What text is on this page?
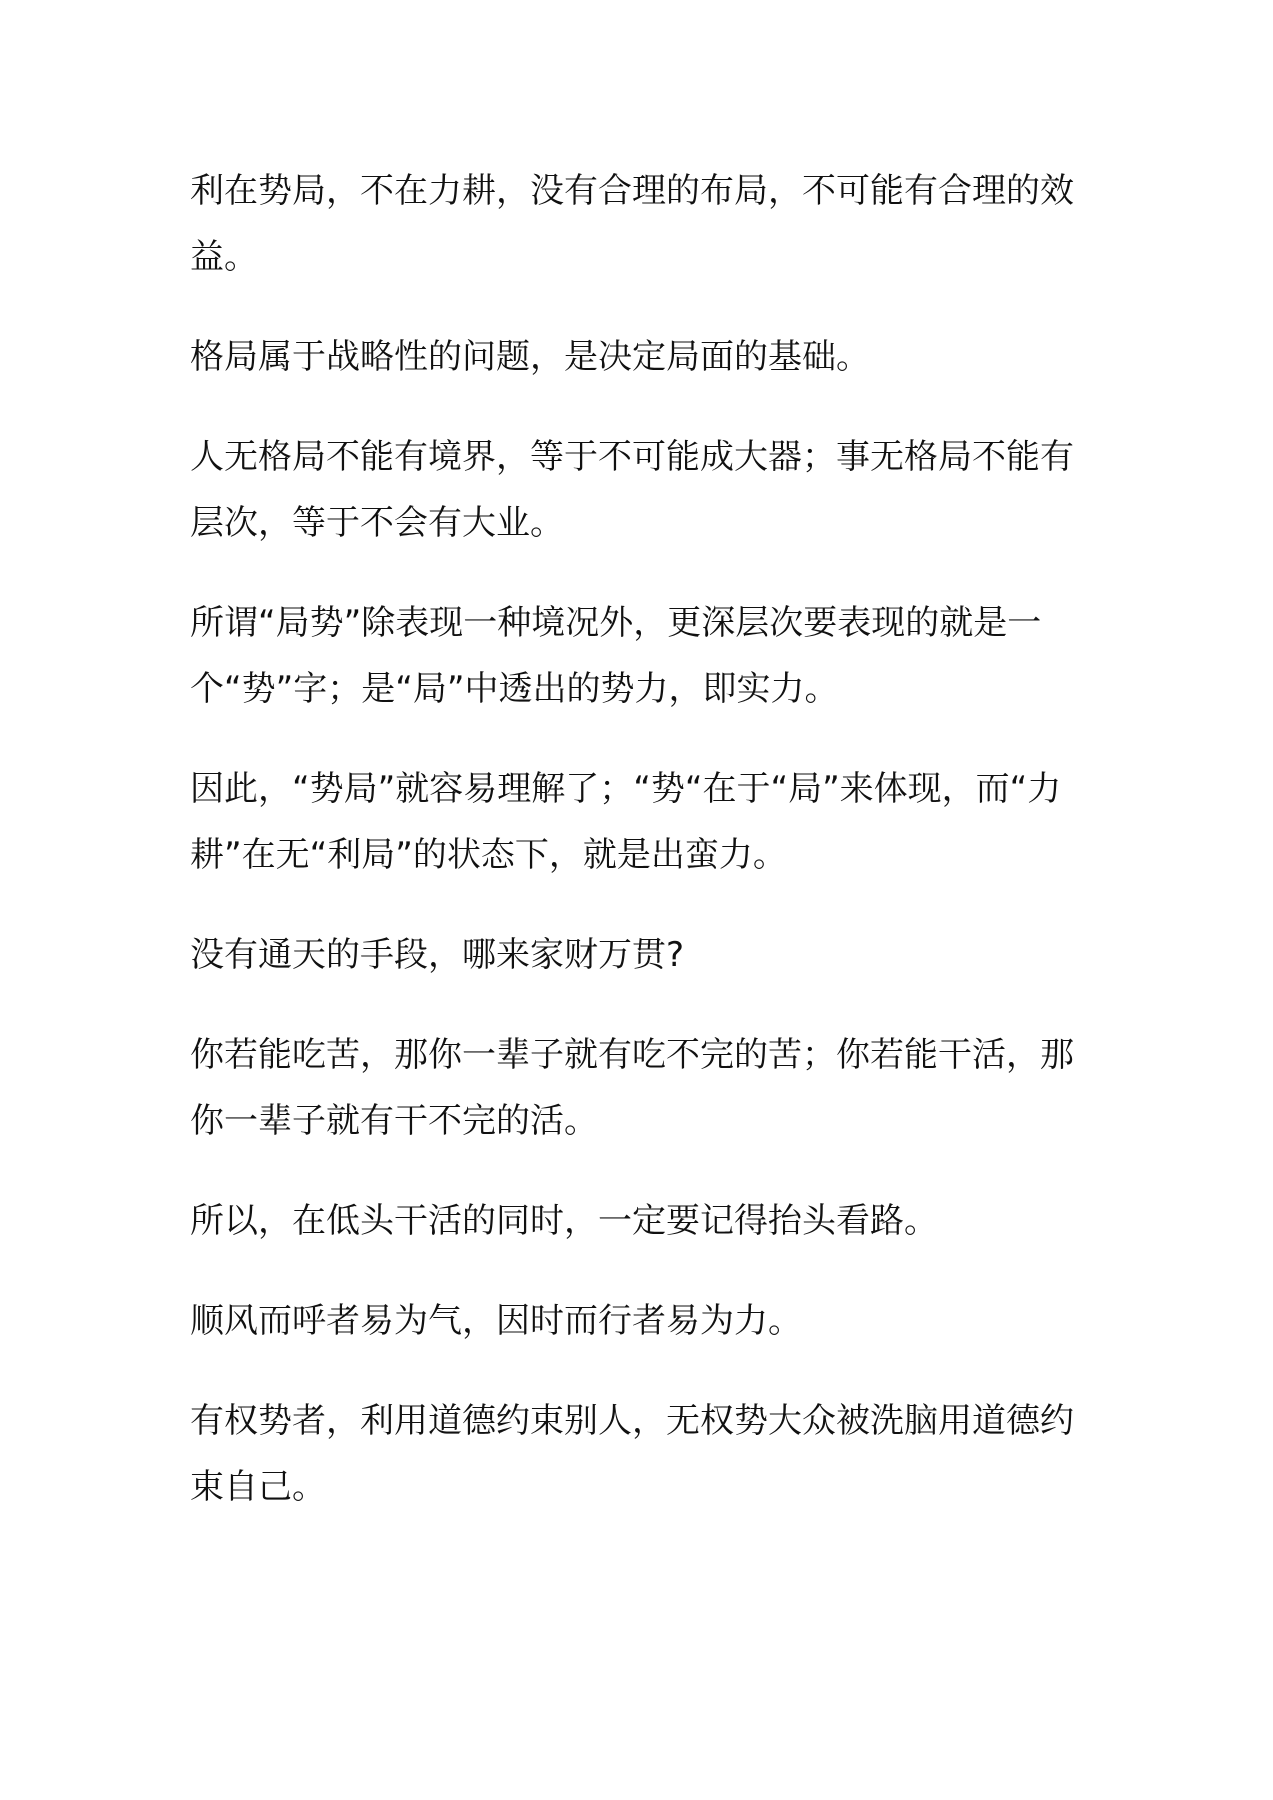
利在势局，不在力耕，没有合理的布局，不可能有合理的效益。

格局属于战略性的问题，是决定局面的基础。

人无格局不能有境界，等于不可能成大器；事无格局不能有层次，等于不会有大业。

所谓“局势”除表现一种境况外，更深层次要表现的就是一个“势”字；是“局”中透出的势力，即实力。

因此，“势局”就容易理解了；“势“在于“局”来体现，而“力耕”在无“利局”的状态下，就是出蛮力。

没有通天的手段，哪来家财万贯?

你若能吃苦，那你一辈子就有吃不完的苦；你若能干活，那你一辈子就有干不完的活。

所以，在低头干活的同时，一定要记得抬头看路。

顺风而呼者易为气，因时而行者易为力。

有权势者，利用道德约束别人，无权势大众被洗脑用道德约束自己。
